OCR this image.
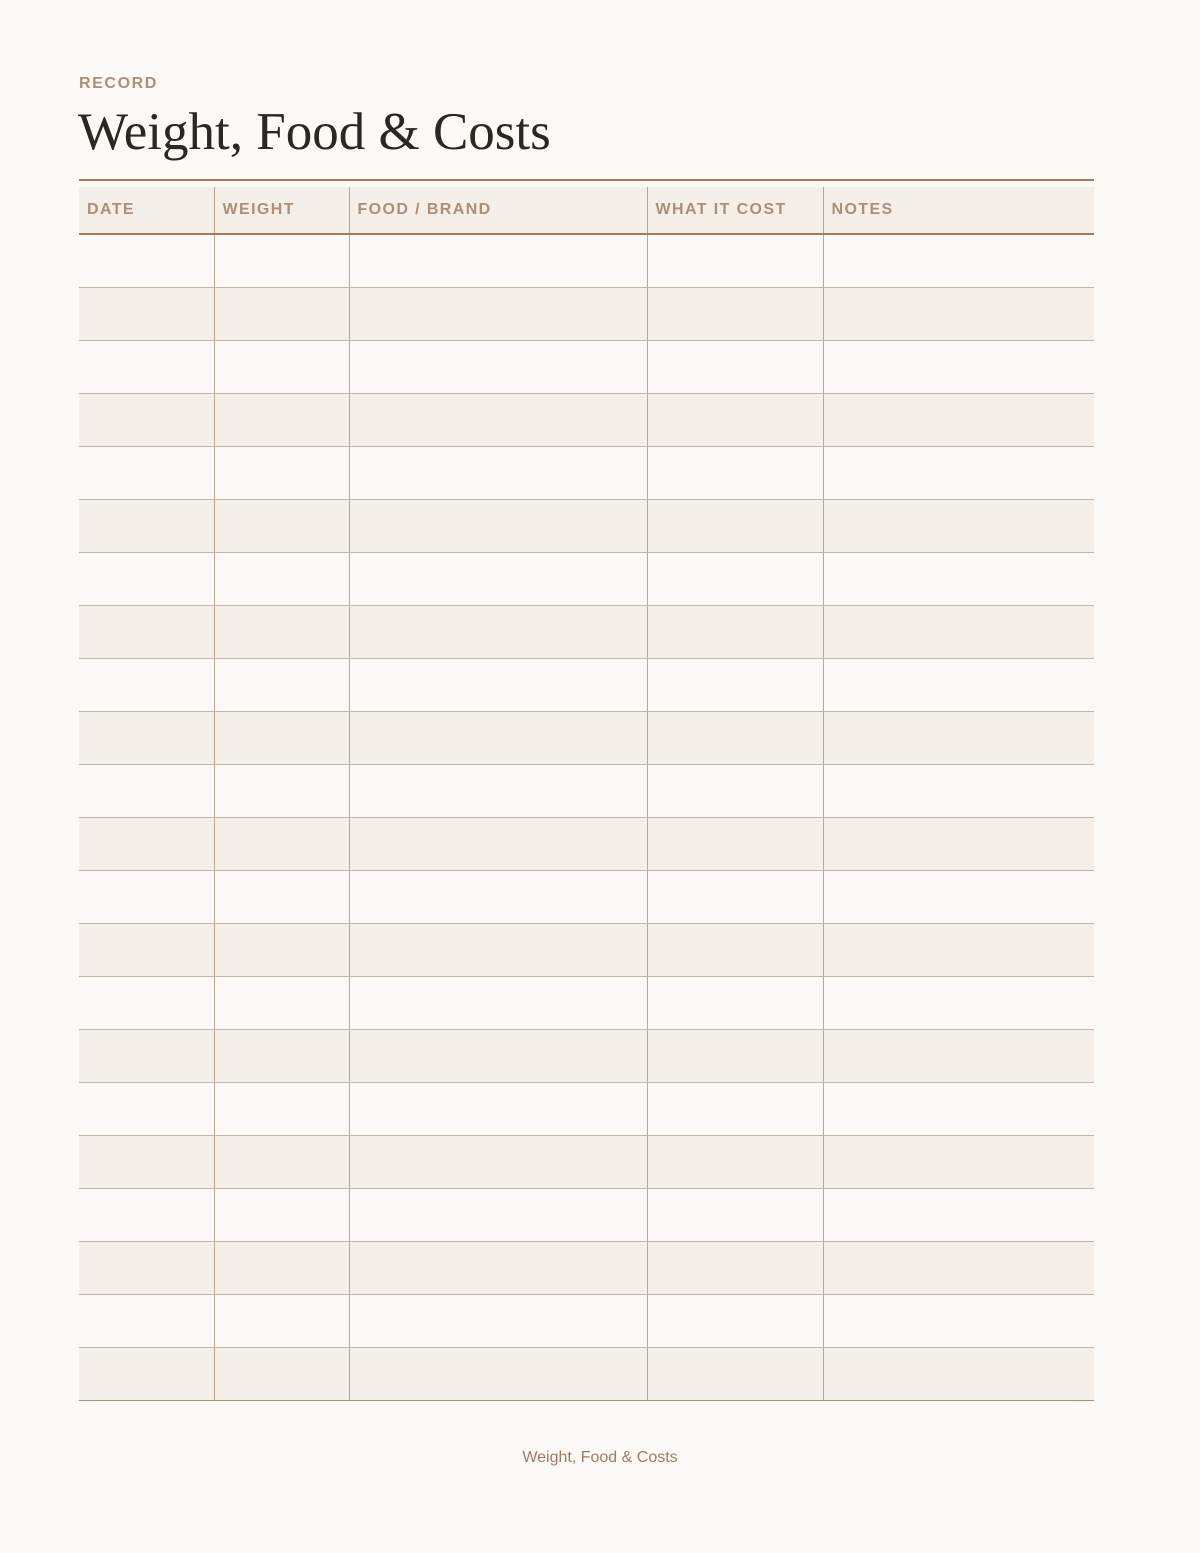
RECORD
Weight, Food & Costs
DATE	WEIGHT	FOOD / BRAND	WHAT IT COST	NOTES

Weight, Food & Costs
